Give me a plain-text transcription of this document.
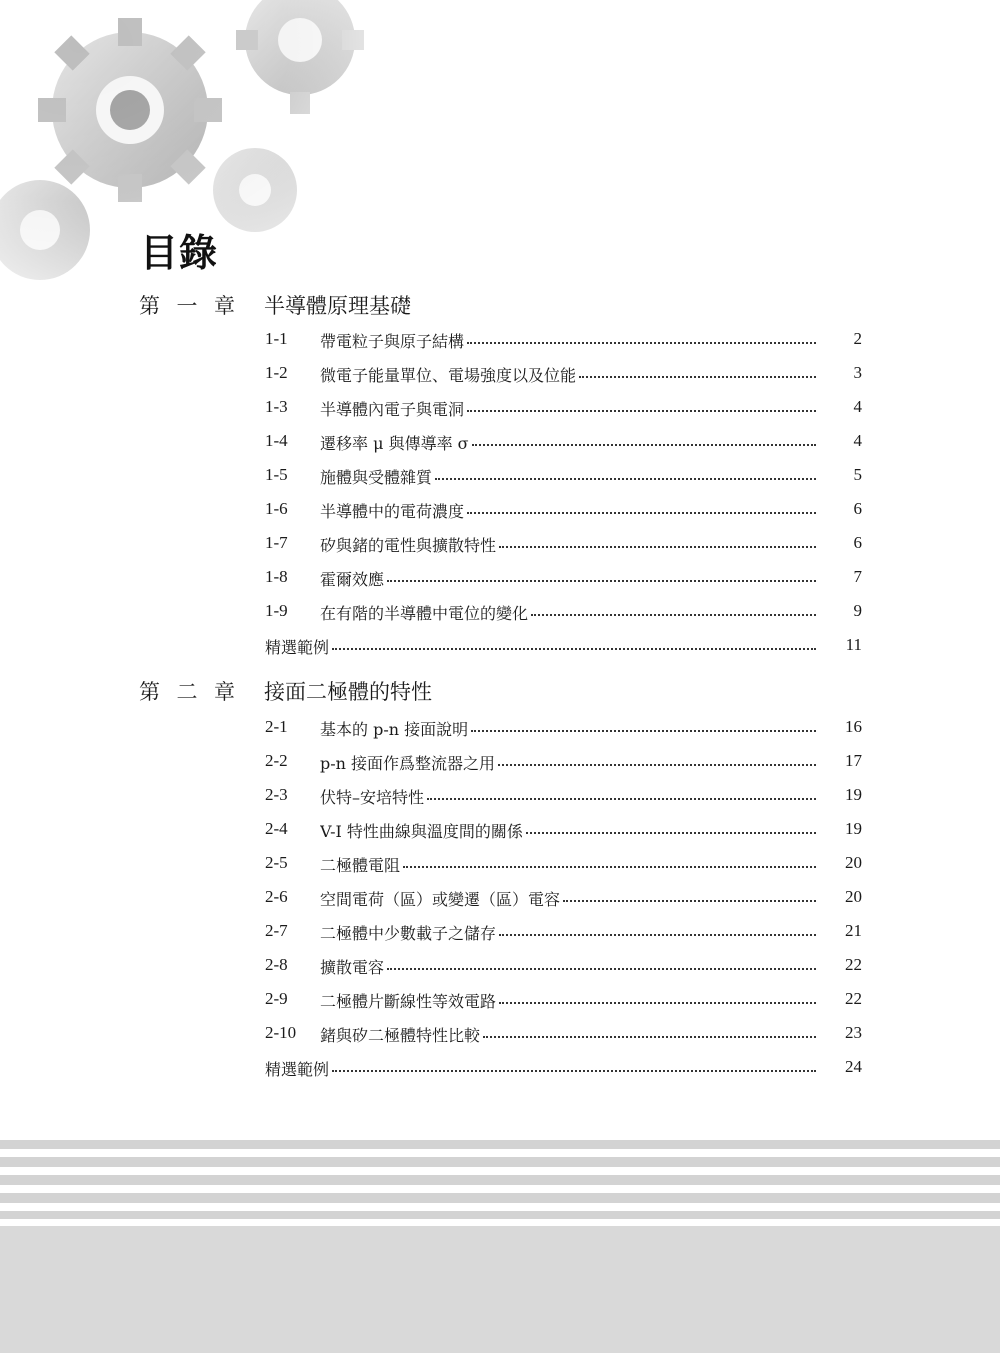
目錄
第 一 章 半導體原理基礎
1-1 帶電粒子與原子結構	2
1-2 微電子能量單位、電場強度以及位能	3
1-3 半導體內電子與電洞	4
1-4 遷移率 μ 與傳導率 σ	4
1-5 施體與受體雜質	5
1-6 半導體中的電荷濃度	6
1-7 矽與鍺的電性與擴散特性	6
1-8 霍爾效應	7
1-9 在有階的半導體中電位的變化	9
精選範例	11
第 二 章 接面二極體的特性
2-1 基本的 p-n 接面說明	16
2-2 p-n 接面作爲整流器之用	17
2-3 伏特–安培特性	19
2-4 V-I 特性曲線與溫度間的關係	19
2-5 二極體電阻	20
2-6 空間電荷（區）或變遷（區）電容	20
2-7 二極體中少數載子之儲存	21
2-8 擴散電容	22
2-9 二極體片斷線性等效電路	22
2-10 鍺與矽二極體特性比較	23
精選範例	24
